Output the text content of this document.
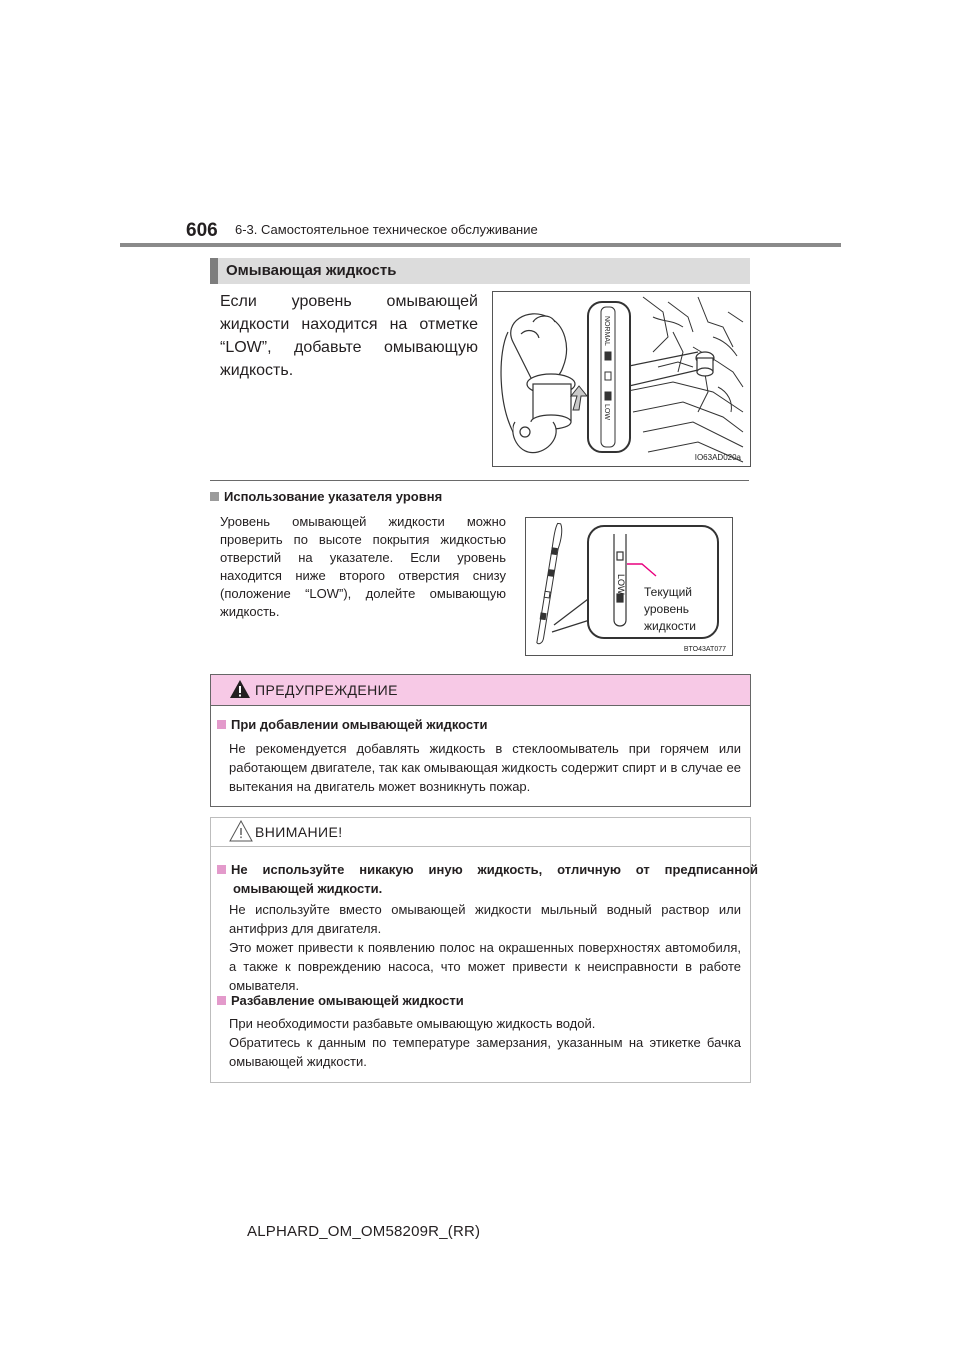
606 6-3. Самостоятельное техническое обслуживание
Омывающая жидкость
Если уровень омывающей жидкости находится на отметке “LOW”, добавьте омывающую жидкость.
NORMAL
LOW
IO63AD020a
Использование указателя уровня
Уровень омывающей жидкости можно проверить по высоте покрытия жидкостью отверстий на указателе. Если уровень находится ниже второго отверстия снизу (положение “LOW”), долейте омывающую жидкость.
LOW Текущий
уровень
жидкости
BTO43AT077
ПРЕДУПРЕЖДЕНИЕ
При добавлении омывающей жидкости
Не рекомендуется добавлять жидкость в стеклоомыватель при горячем или работающем двигателе, так как омывающая жидкость содержит спирт и в случае ее вытекания на двигатель может возникнуть пожар.
ВНИМАНИЕ!
Не используйте никакую иную жидкость, отличную от предписанной омывающей жидкости.
Не используйте вместо омывающей жидкости мыльный водный раствор или антифриз для двигателя.
Это может привести к появлению полос на окрашенных поверхностях автомобиля, а также к повреждению насоса, что может привести к неисправности в работе омывателя.
Разбавление омывающей жидкости
При необходимости разбавьте омывающую жидкость водой.
Обратитесь к данным по температуре замерзания, указанным на этикетке бачка омывающей жидкости.
ALPHARD_OM_OM58209R_(RR)
